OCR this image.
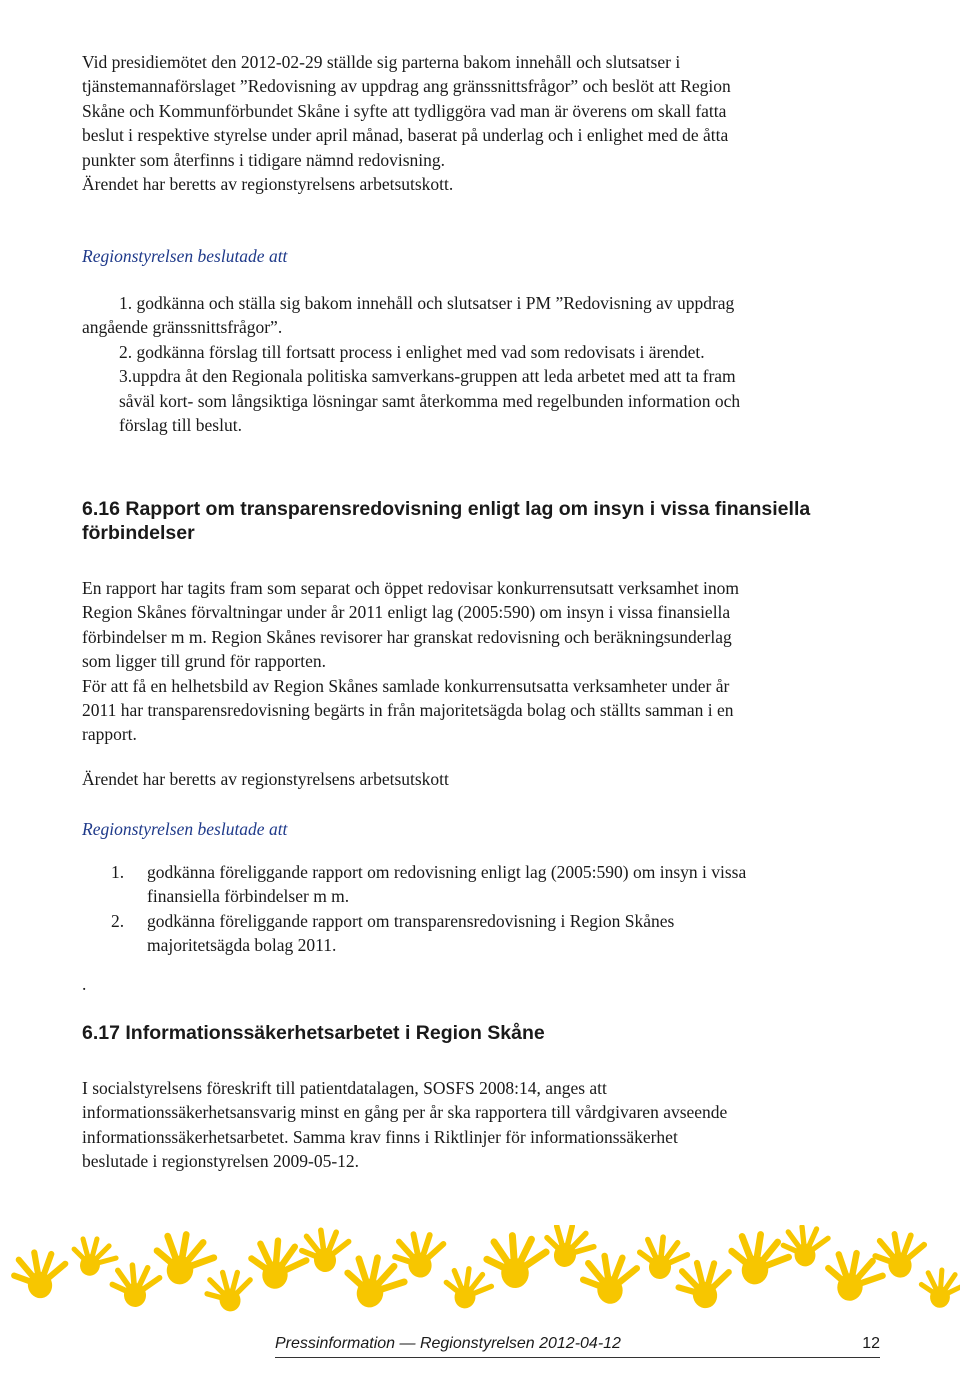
Vid presidiemötet den 2012-02-29 ställde sig parterna bakom innehåll och slutsatser i

tjänstemannaförslaget ”Redovisning av uppdrag ang gränssnittsfrågor” och beslöt att Region

Skåne och Kommunförbundet Skåne i syfte att tydliggöra vad man är överens om skall fatta

beslut i respektive styrelse under april månad, baserat på underlag och i enlighet med de åtta

punkter som återfinns i tidigare nämnd redovisning.

Ärendet har beretts av regionstyrelsens arbetsutskott.

Regionstyrelsen beslutade att

1. godkänna och ställa sig bakom innehåll och slutsatser i PM ”Redovisning av uppdrag

angående gränssnittsfrågor”.

2. godkänna förslag till fortsatt process i enlighet med vad som redovisats i ärendet.

3.uppdra åt den Regionala politiska samverkans-gruppen att leda arbetet med att ta fram

såväl kort- som långsiktiga lösningar samt återkomma med regelbunden information och

förslag till beslut.

6.16 Rapport om transparensredovisning enligt lag om insyn i vissa finansiella

förbindelser

En rapport har tagits fram som separat och öppet redovisar konkurrensutsatt verksamhet inom

Region Skånes förvaltningar under år 2011 enligt lag (2005:590) om insyn i vissa finansiella

förbindelser m m. Region Skånes revisorer har granskat redovisning och beräkningsunderlag

som ligger till grund för rapporten.

För att få en helhetsbild av Region Skånes samlade konkurrensutsatta verksamheter under år

2011 har transparensredovisning begärts in från majoritetsägda bolag och ställts samman i en

rapport.

Ärendet har beretts av regionstyrelsens arbetsutskott
Regionstyrelsen beslutade att
1. godkänna föreliggande rapport om redovisning enligt lag (2005:590) om insyn i vissa

finansiella förbindelser m m.

2. godkänna föreliggande rapport om transparensredovisning i Region Skånes

majoritetsägda bolag 2011.

.
6.17 Informationssäkerhetsarbetet i Region Skåne

I socialstyrelsens föreskrift till patientdatalagen, SOSFS 2008:14, anges att

informationssäkerhetsansvarig minst en gång per år ska rapportera till vårdgivaren avseende

informationssäkerhetsarbetet. Samma krav finns i Riktlinjer för informationssäkerhet

beslutade i regionstyrelsen 2009-05-12.

Pressinformation — Regionstyrelsen 2012-04-12	12
